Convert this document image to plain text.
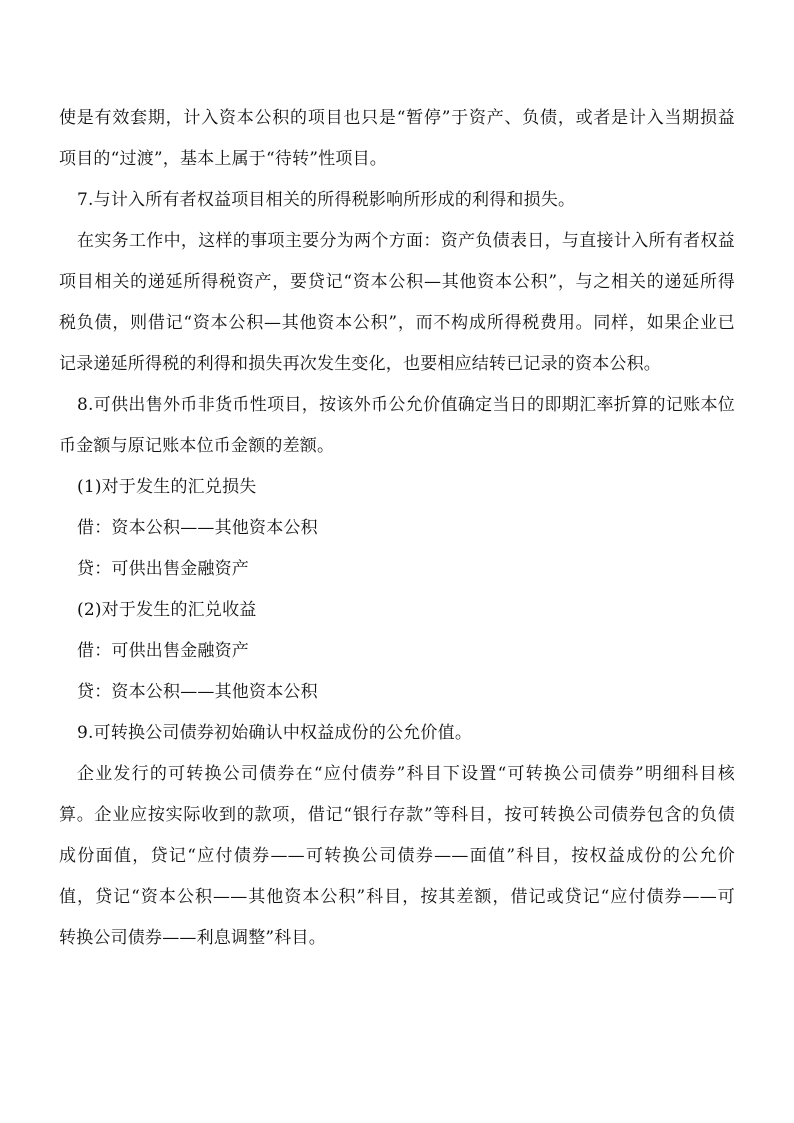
使是有效套期，计入资本公积的项目也只是“暂停”于资产、负债，或者是计入当期损益
项目的“过渡”，基本上属于“待转”性项目。
7.与计入所有者权益项目相关的所得税影响所形成的利得和损失。
在实务工作中，这样的事项主要分为两个方面：资产负债表日，与直接计入所有者权益
项目相关的递延所得税资产，要贷记“资本公积—其他资本公积”，与之相关的递延所得
税负债，则借记“资本公积—其他资本公积”，而不构成所得税费用。同样，如果企业已
记录递延所得税的利得和损失再次发生变化，也要相应结转已记录的资本公积。
8.可供出售外币非货币性项目，按该外币公允价值确定当日的即期汇率折算的记账本位
币金额与原记账本位币金额的差额。
(1)对于发生的汇兑损失
借：资本公积——其他资本公积
贷：可供出售金融资产
(2)对于发生的汇兑收益
借：可供出售金融资产
贷：资本公积——其他资本公积
9.可转换公司债券初始确认中权益成份的公允价值。
企业发行的可转换公司债券在“应付债券”科目下设置“可转换公司债券”明细科目核
算。企业应按实际收到的款项，借记“银行存款”等科目，按可转换公司债券包含的负债
成份面值，贷记“应付债券——可转换公司债券——面值”科目，按权益成份的公允价
值，贷记“资本公积——其他资本公积”科目，按其差额，借记或贷记“应付债券——可
转换公司债券——利息调整”科目。
